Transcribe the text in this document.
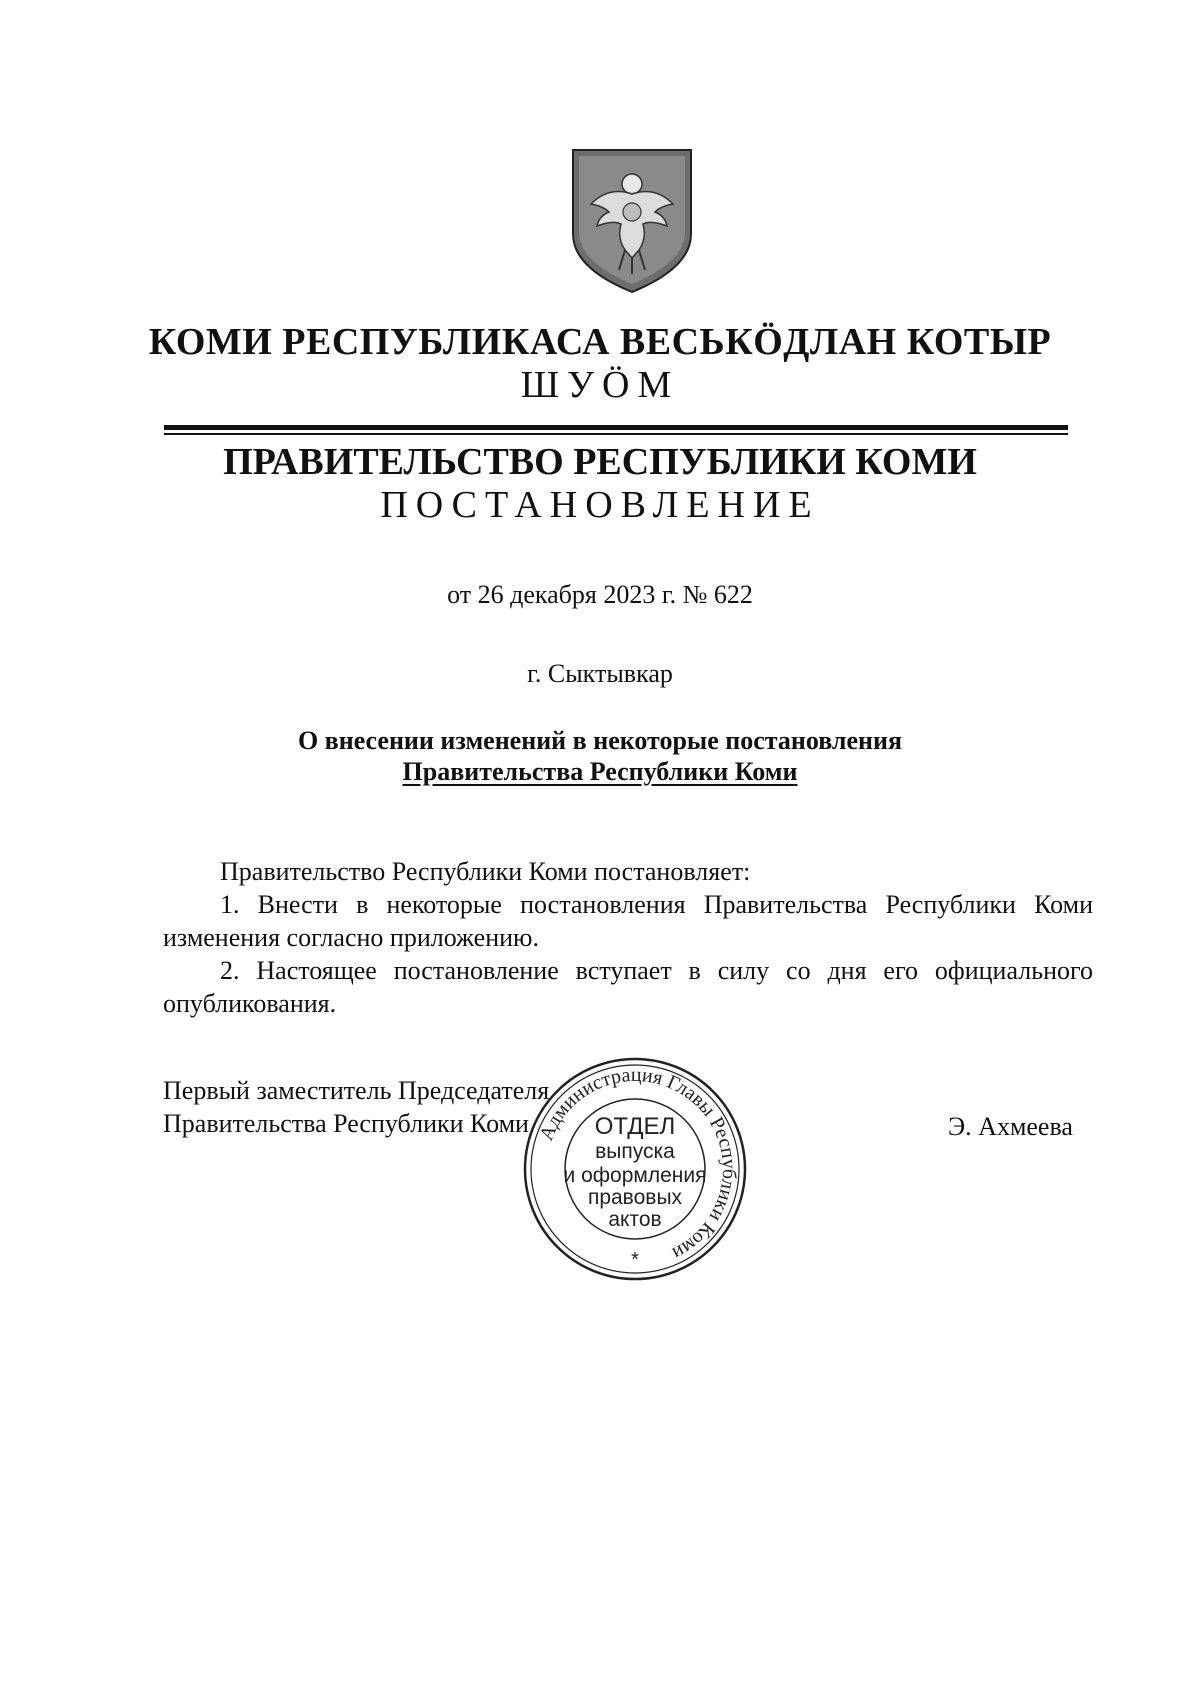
КОМИ РЕСПУБЛИКАСА ВЕСЬКӦДЛАН КОТЫР
ШУӦМ
ПРАВИТЕЛЬСТВО РЕСПУБЛИКИ КОМИ
ПОСТАНОВЛЕНИЕ
от 26 декабря 2023 г. № 622
г. Сыктывкар
О внесении изменений в некоторые постановления
Правительства Республики Коми

Правительство Республики Коми постановляет:

1. Внести в некоторые постановления Правительства Республики Коми изменения согласно приложению.

2. Настоящее постановление вступает в силу со дня его официального опубликования.

Первый заместитель Председателя
Правительства Республики Коми	Э. Ахмеева
Администрация Главы Республики Коми
ОТДЕЛ
выпуска
и оформления
правовых
актов
*
